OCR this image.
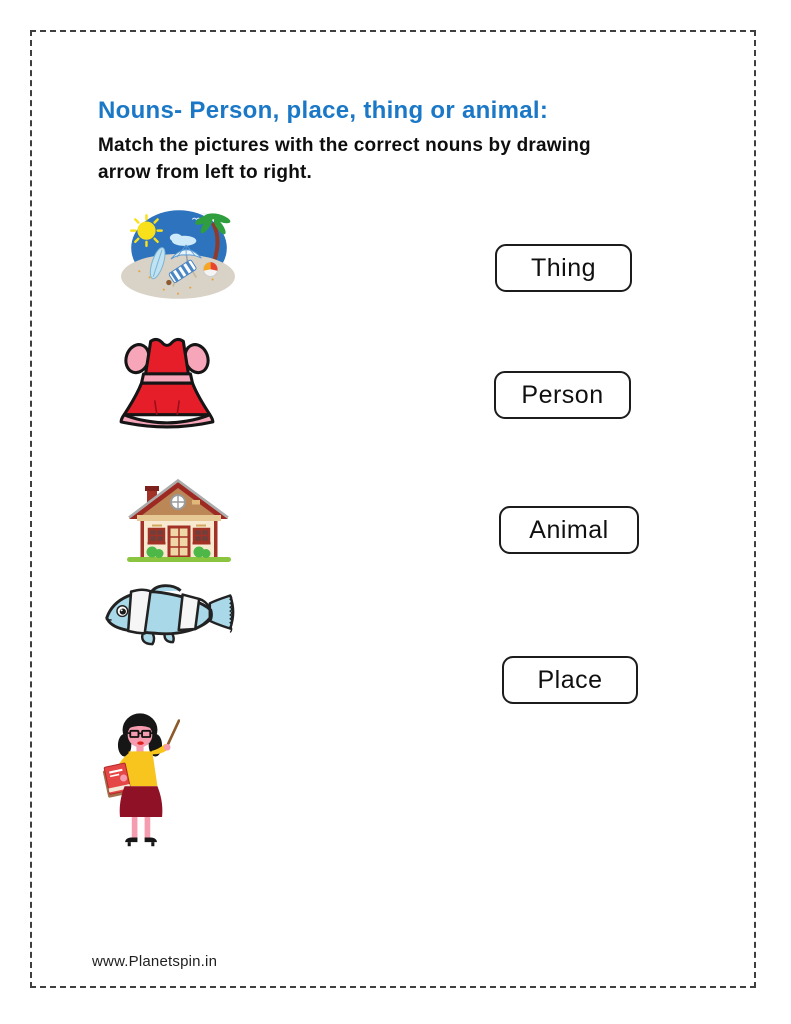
Nouns- Person, place, thing or animal:

Match the pictures with the correct nouns by drawing
arrow from left to right.

Thing
Person
Animal
Place

www.Planetspin.in
